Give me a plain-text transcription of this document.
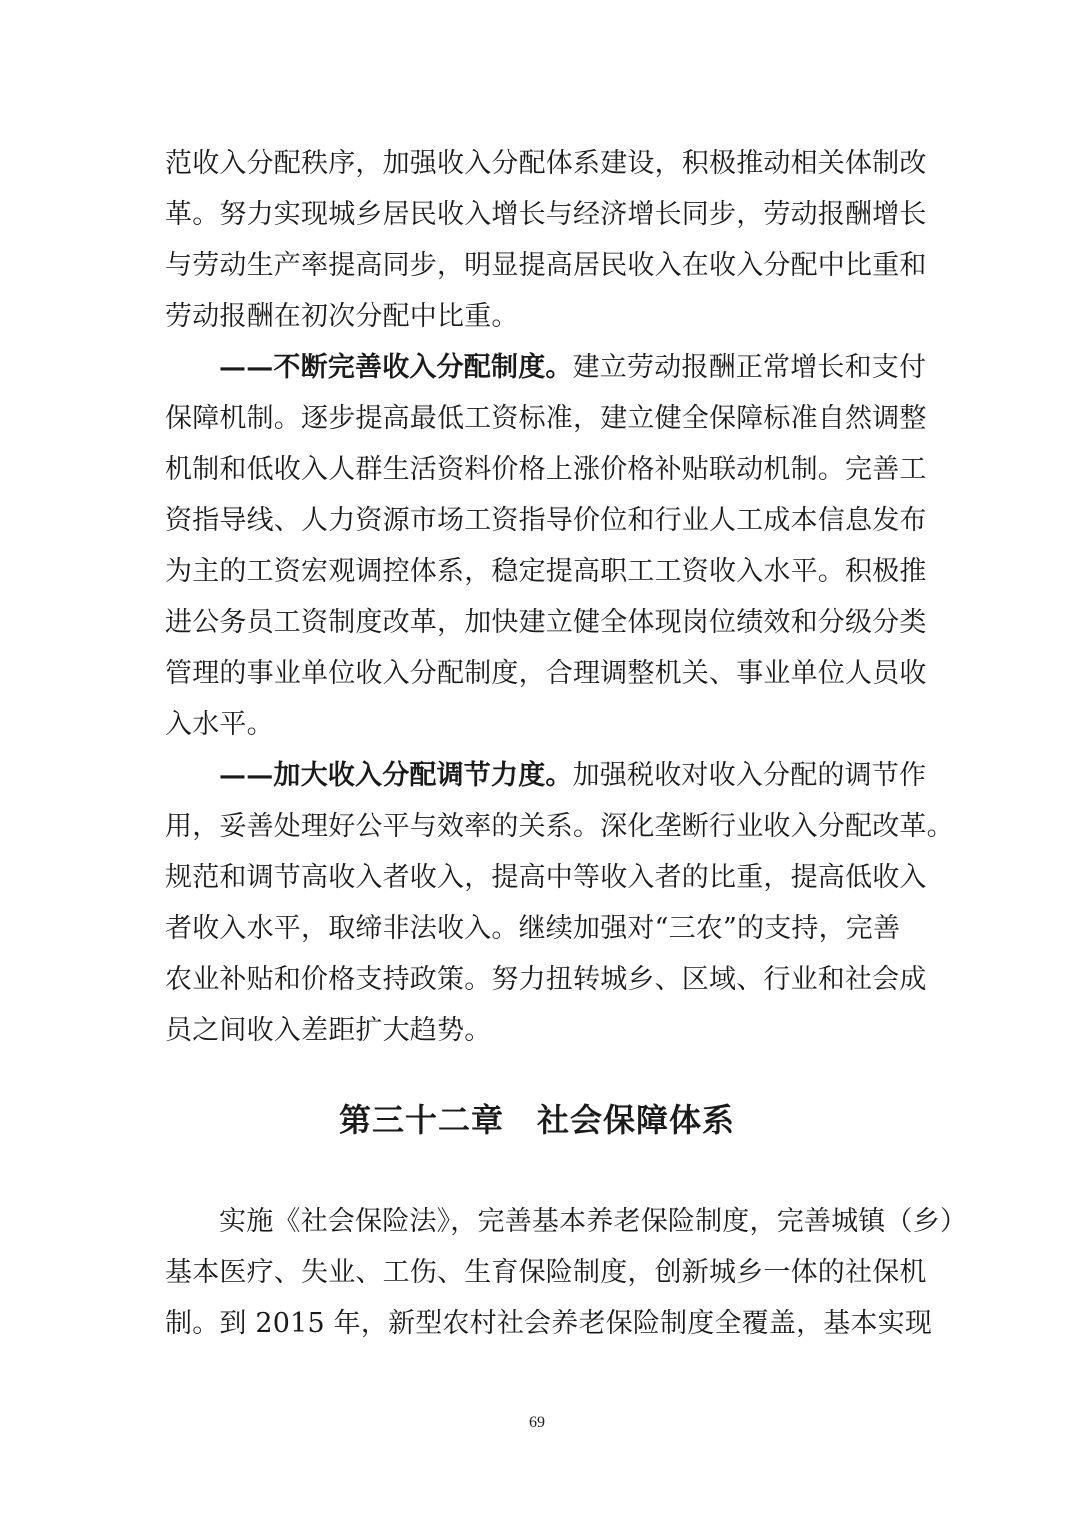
范收入分配秩序，加强收入分配体系建设，积极推动相关体制改
革。努力实现城乡居民收入增长与经济增长同步，劳动报酬增长
与劳动生产率提高同步，明显提高居民收入在收入分配中比重和
劳动报酬在初次分配中比重。
——不断完善收入分配制度。建立劳动报酬正常增长和支付
保障机制。逐步提高最低工资标准，建立健全保障标准自然调整
机制和低收入人群生活资料价格上涨价格补贴联动机制。完善工
资指导线、人力资源市场工资指导价位和行业人工成本信息发布
为主的工资宏观调控体系，稳定提高职工工资收入水平。积极推
进公务员工资制度改革，加快建立健全体现岗位绩效和分级分类
管理的事业单位收入分配制度，合理调整机关、事业单位人员收
入水平。
——加大收入分配调节力度。加强税收对收入分配的调节作
用，妥善处理好公平与效率的关系。深化垄断行业收入分配改革。
规范和调节高收入者收入，提高中等收入者的比重，提高低收入
者收入水平，取缔非法收入。继续加强对“三农”的支持，完善
农业补贴和价格支持政策。努力扭转城乡、区域、行业和社会成
员之间收入差距扩大趋势。
第三十二章　社会保障体系
实施《社会保险法》，完善基本养老保险制度，完善城镇（乡）
基本医疗、失业、工伤、生育保险制度，创新城乡一体的社保机
制。到 2015 年，新型农村社会养老保险制度全覆盖，基本实现
69
